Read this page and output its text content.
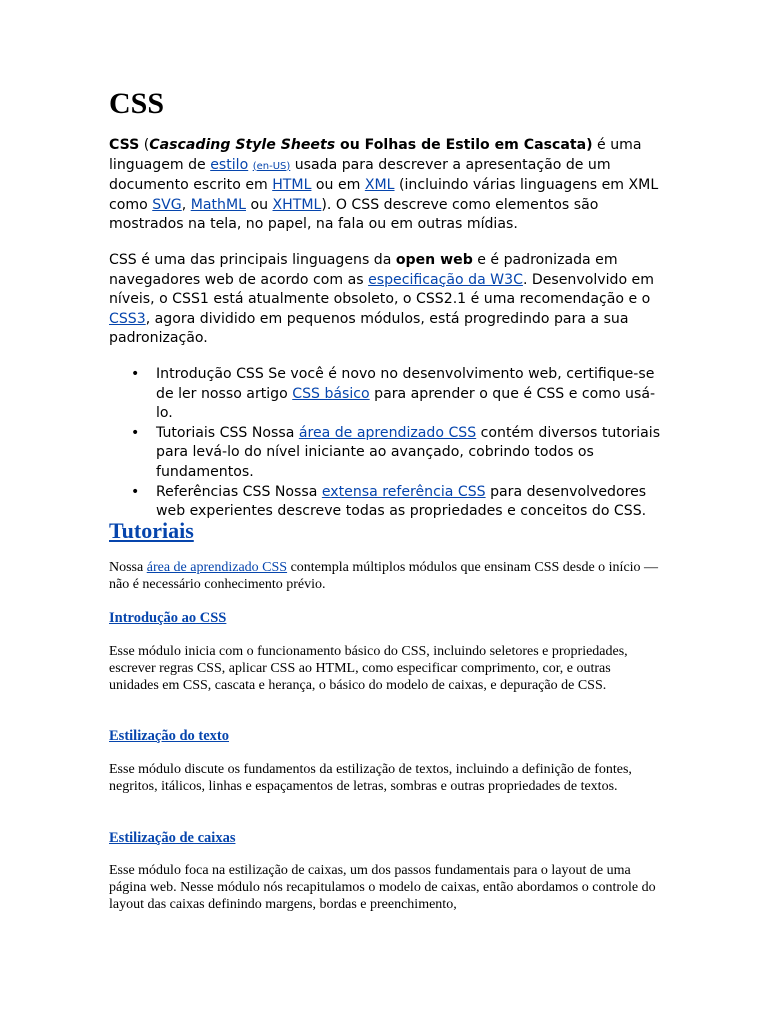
CSS

CSS (Cascading Style Sheets ou Folhas de Estilo em Cascata) é uma linguagem de estilo (en-US) usada para descrever a apresentação de um documento escrito em HTML ou em XML (incluindo várias linguagens em XML como SVG, MathML ou XHTML). O CSS descreve como elementos são mostrados na tela, no papel, na fala ou em outras mídias.

CSS é uma das principais linguagens da open web e é padronizada em navegadores web de acordo com as especificação da W3C. Desenvolvido em níveis, o CSS1 está atualmente obsoleto, o CSS2.1 é uma recomendação e o CSS3, agora dividido em pequenos módulos, está progredindo para a sua padronização.

• Introdução CSS Se você é novo no desenvolvimento web, certifique-se de ler nosso artigo CSS básico para aprender o que é CSS e como usá-lo.
• Tutoriais CSS Nossa área de aprendizado CSS contém diversos tutoriais para levá-lo do nível iniciante ao avançado, cobrindo todos os fundamentos.
• Referências CSS Nossa extensa referência CSS para desenvolvedores web experientes descreve todas as propriedades e conceitos do CSS.
Tutoriais

Nossa área de aprendizado CSS contempla múltiplos módulos que ensinam CSS desde o início — não é necessário conhecimento prévio.

Introdução ao CSS

Esse módulo inicia com o funcionamento básico do CSS, incluindo seletores e propriedades, escrever regras CSS, aplicar CSS ao HTML, como especificar comprimento, cor, e outras unidades em CSS, cascata e herança, o básico do modelo de caixas, e depuração de CSS.

Estilização do texto

Esse módulo discute os fundamentos da estilização de textos, incluindo a definição de fontes, negritos, itálicos, linhas e espaçamentos de letras, sombras e outras propriedades de textos.

Estilização de caixas

Esse módulo foca na estilização de caixas, um dos passos fundamentais para o layout de uma página web. Nesse módulo nós recapitulamos o modelo de caixas, então abordamos o controle do layout das caixas definindo margens, bordas e preenchimento,
